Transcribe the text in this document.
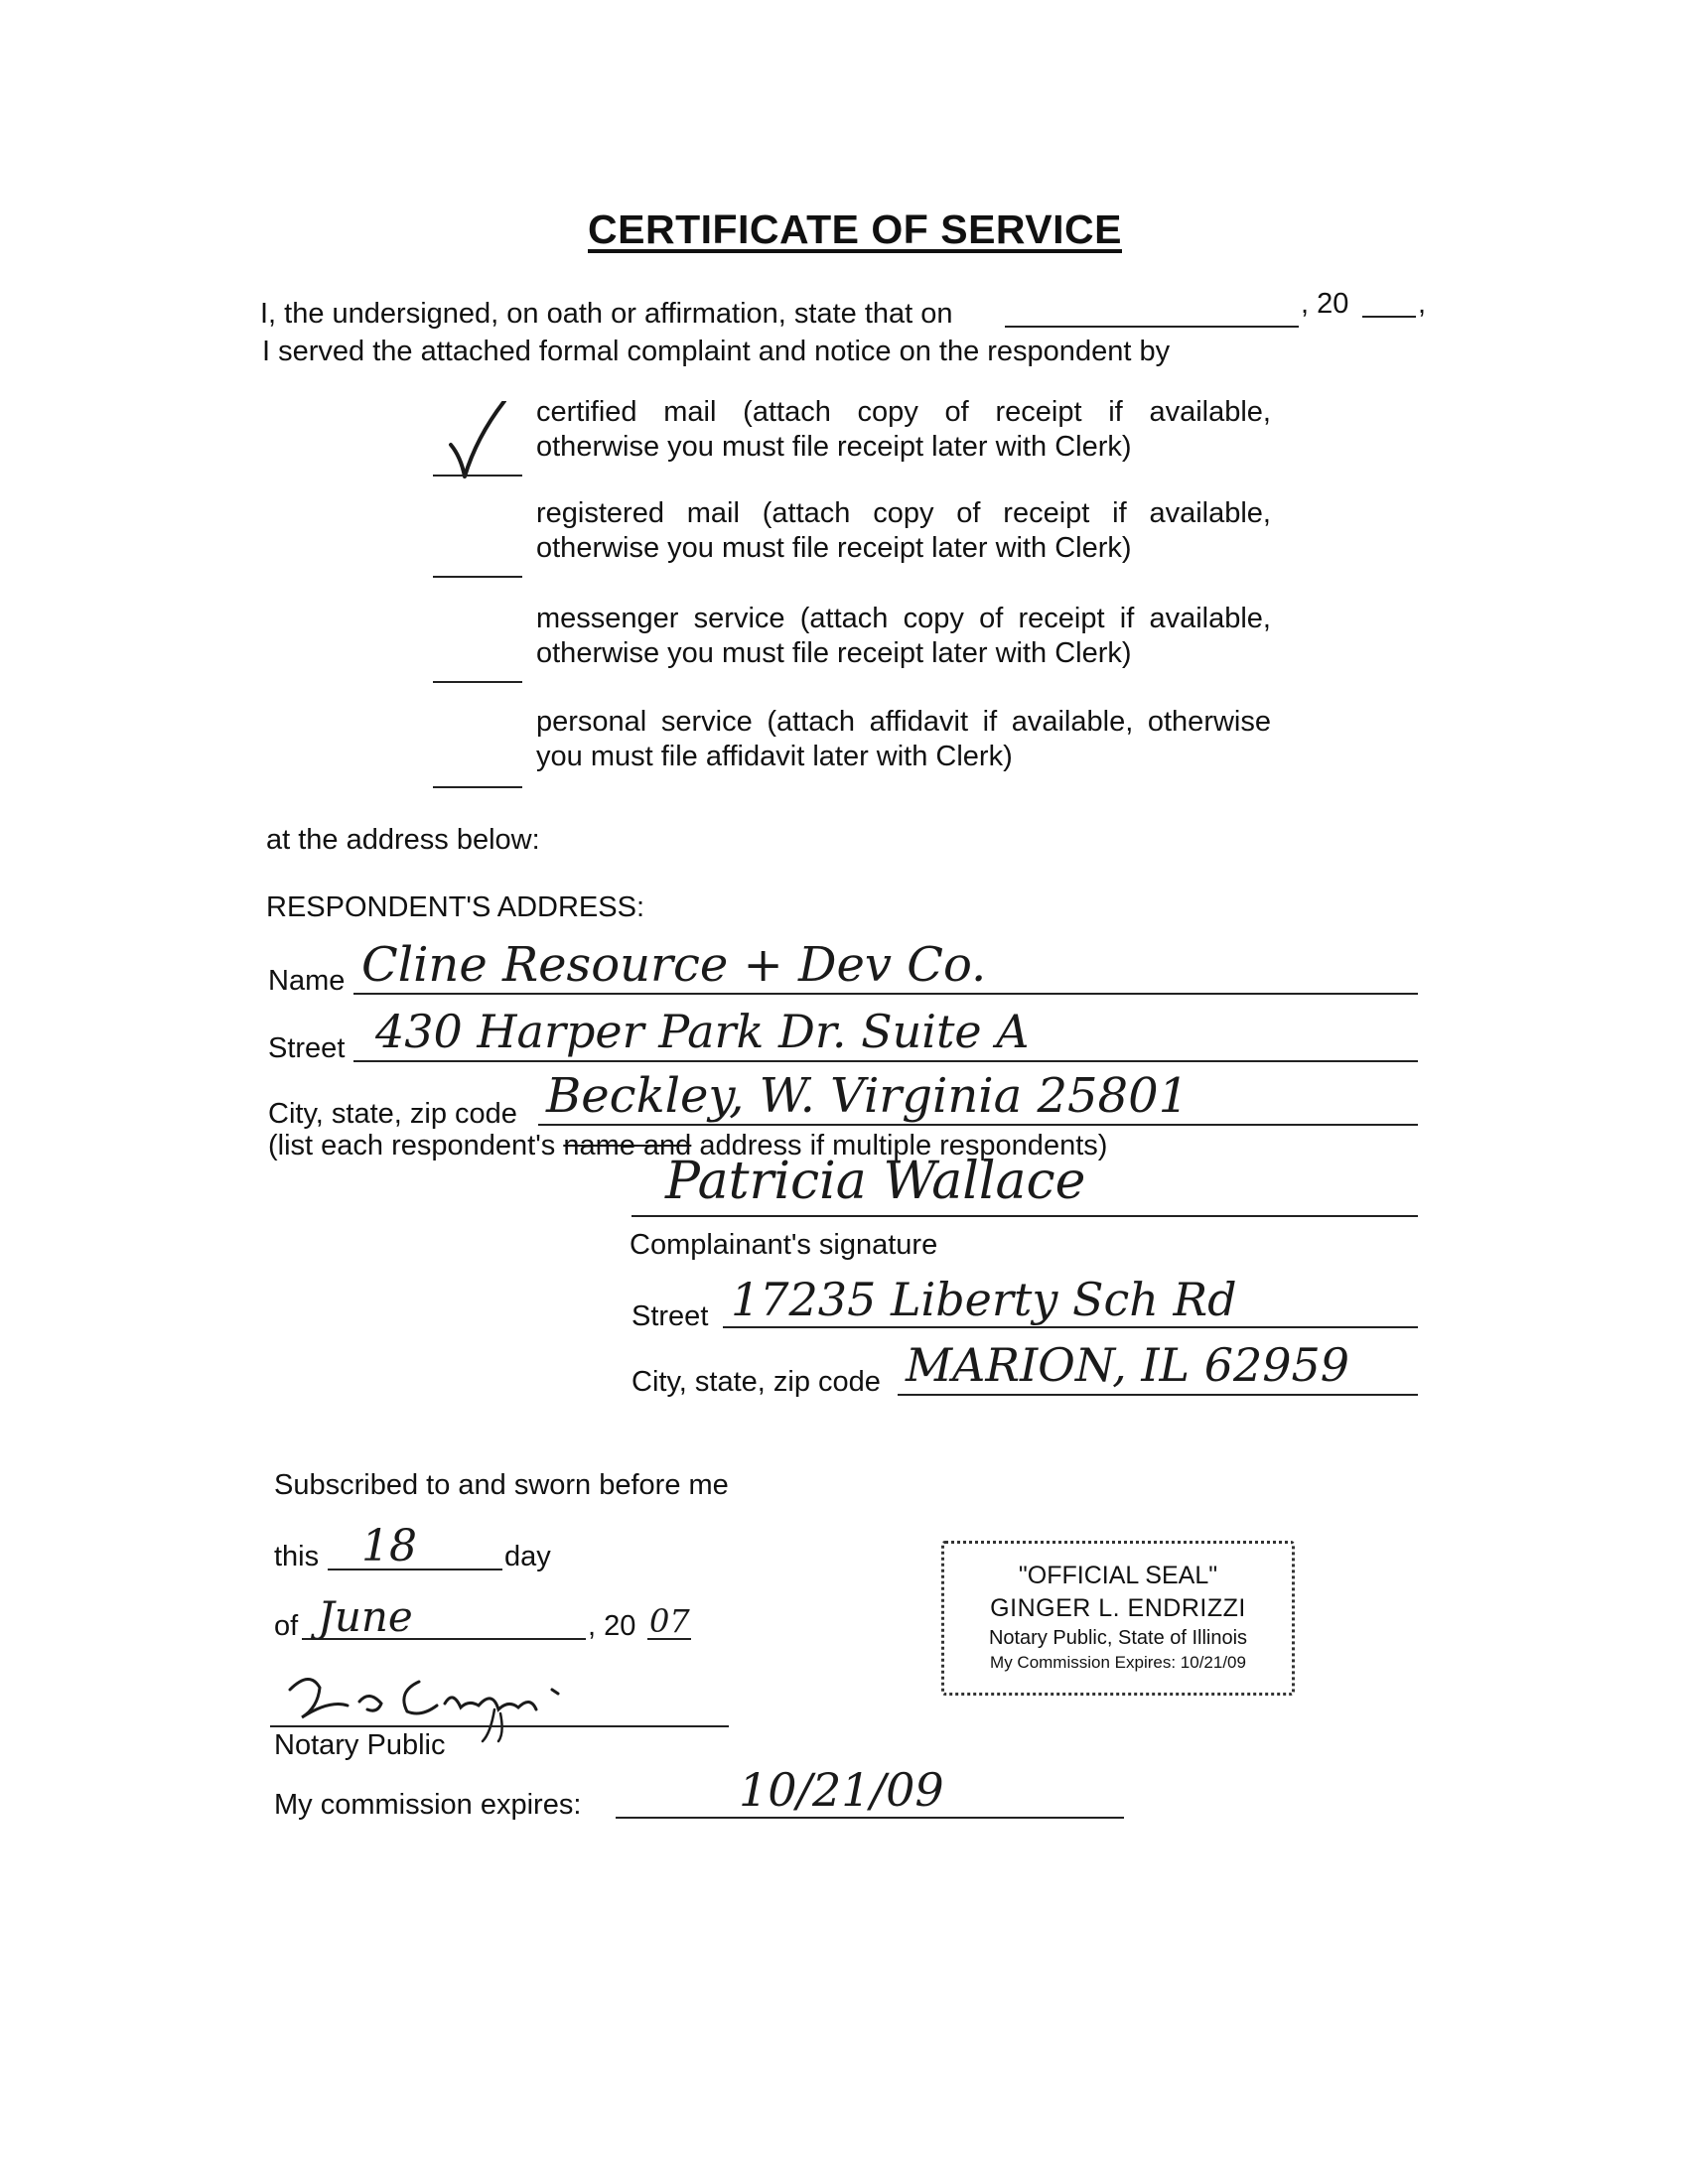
CERTIFICATE OF SERVICE
I, the undersigned, on oath or affirmation, state that on	, 20 ,
I served the attached formal complaint and notice on the respondent by
certified mail (attach copy of receipt if available, otherwise you must file receipt later with Clerk)
registered mail (attach copy of receipt if available, otherwise you must file receipt later with Clerk)
messenger service (attach copy of receipt if available, otherwise you must file receipt later with Clerk)
personal service (attach affidavit if available, otherwise you must file affidavit later with Clerk)
at the address below:
RESPONDENT'S ADDRESS:
Name Cline Resource + Dev Co.
Street 430 Harper Park Dr. Suite A
City, state, zip code Beckley, W. Virginia 25801
(list each respondent's name and address if multiple respondents)
Patricia Wallace
Complainant's signature
Street 17235 Liberty Sch Rd
City, state, zip code MARION, IL 62959
Subscribed to and sworn before me
this 18	day
of June	, 20 07
Notary Public
My commission expires:	10/21/09
"OFFICIAL SEAL"
GINGER L. ENDRIZZI
Notary Public, State of Illinois
My Commission Expires: 10/21/09
